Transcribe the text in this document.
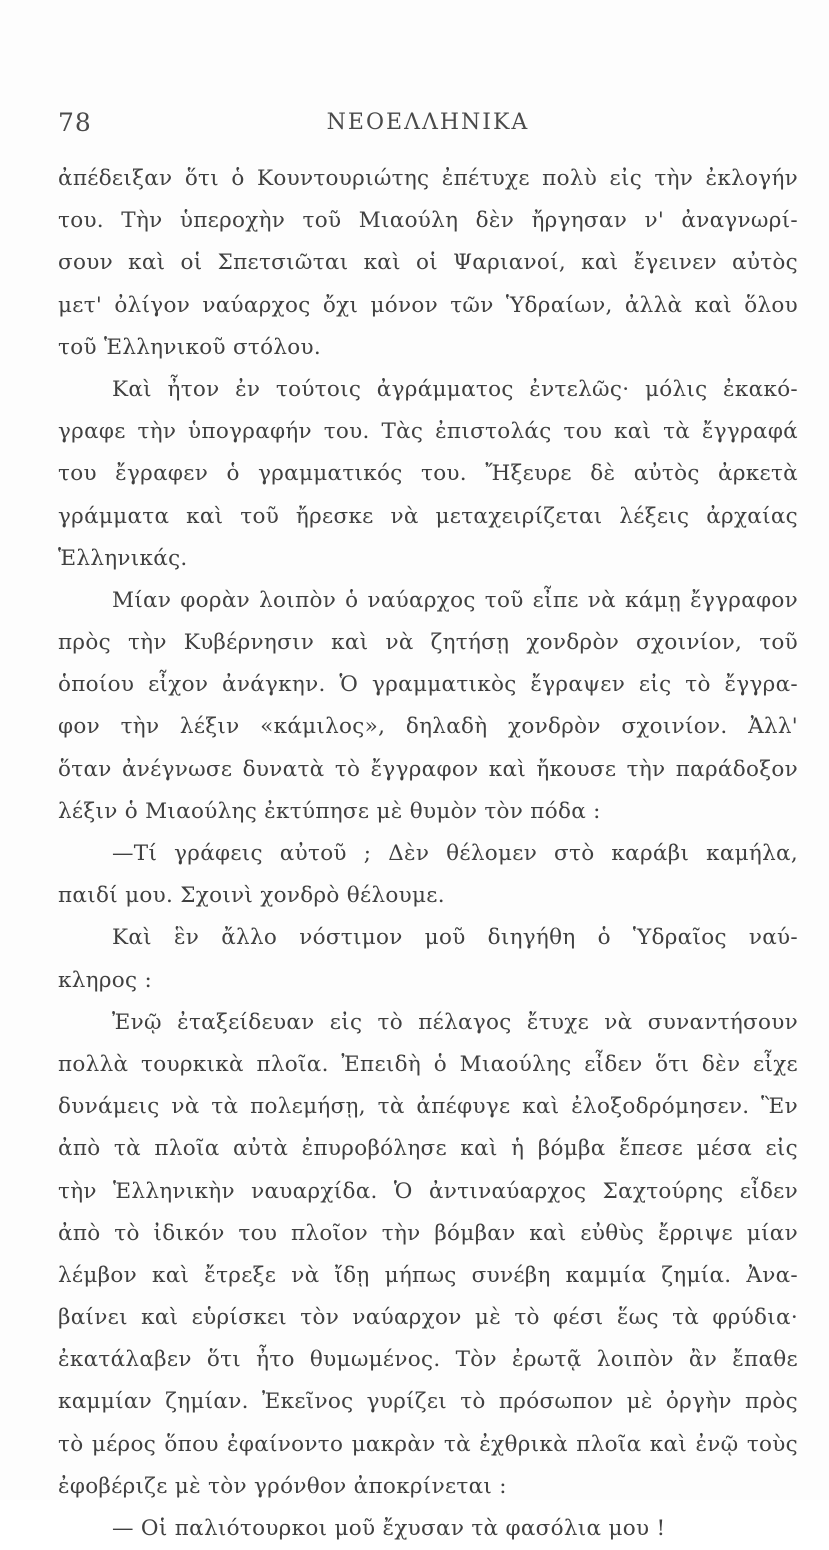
78	ΝΕΟΕΛΛΗΝΙΚΑ
ἀπέδειξαν ὅτι ὁ Κουντουριώτης ἐπέτυχε πολὺ εἰς τὴν ἐκλογήν
του. Τὴν ὑπεροχὴν τοῦ Μιαούλη δὲν ἤργησαν ν' ἀναγνωρί-
σουν καὶ οἱ Σπετσιῶται καὶ οἱ Ψαριανοί, καὶ ἔγεινεν αὐτὸς
μετ' ὀλίγον ναύαρχος ὄχι μόνον τῶν Ὑδραίων, ἀλλὰ καὶ ὅλου
τοῦ Ἑλληνικοῦ στόλου.
Καὶ ἦτον ἐν τούτοις ἀγράμματος ἐντελῶς· μόλις ἐκακό-
γραφε τὴν ὑπογραφήν του. Τὰς ἐπιστολάς του καὶ τὰ ἔγγραφά
του ἔγραφεν ὁ γραμματικός του. Ἤξευρε δὲ αὐτὸς ἀρκετὰ
γράμματα καὶ τοῦ ἤρεσκε νὰ μεταχειρίζεται λέξεις ἀρχαίας
Ἑλληνικάς.
Μίαν φορὰν λοιπὸν ὁ ναύαρχος τοῦ εἶπε νὰ κάμῃ ἔγγραφον
πρὸς τὴν Κυβέρνησιν καὶ νὰ ζητήσῃ χονδρὸν σχοινίον, τοῦ
ὁποίου εἶχον ἀνάγκην. Ὁ γραμματικὸς ἔγραψεν εἰς τὸ ἔγγρα-
φον τὴν λέξιν «κάμιλος», δηλαδὴ χονδρὸν σχοινίον. Ἀλλ'
ὅταν ἀνέγνωσε δυνατὰ τὸ ἔγγραφον καὶ ἤκουσε τὴν παράδοξον
λέξιν ὁ Μιαούλης ἐκτύπησε μὲ θυμὸν τὸν πόδα :
—Τί γράφεις αὐτοῦ ; Δὲν θέλομεν στὸ καράβι καμήλα,
παιδί μου. Σχοινὶ χονδρὸ θέλουμε.
Καὶ ἓν ἄλλο νόστιμον μοῦ διηγήθη ὁ Ὑδραῖος ναύ-
κληρος :
Ἐνῷ ἐταξείδευαν εἰς τὸ πέλαγος ἔτυχε νὰ συναντήσουν
πολλὰ τουρκικὰ πλοῖα. Ἐπειδὴ ὁ Μιαούλης εἶδεν ὅτι δὲν εἶχε
δυνάμεις νὰ τὰ πολεμήσῃ, τὰ ἀπέφυγε καὶ ἐλοξοδρόμησεν. Ἓν
ἀπὸ τὰ πλοῖα αὐτὰ ἐπυροβόλησε καὶ ἡ βόμβα ἔπεσε μέσα εἰς
τὴν Ἑλληνικὴν ναυαρχίδα. Ὁ ἀντιναύαρχος Σαχτούρης εἶδεν
ἀπὸ τὸ ἰδικόν του πλοῖον τὴν βόμβαν καὶ εὐθὺς ἔρριψε μίαν
λέμβον καὶ ἔτρεξε νὰ ἴδῃ μήπως συνέβη καμμία ζημία. Ἀνα-
βαίνει καὶ εὑρίσκει τὸν ναύαρχον μὲ τὸ φέσι ἕως τὰ φρύδια·
ἐκατάλαβεν ὅτι ἦτο θυμωμένος. Τὸν ἐρωτᾷ λοιπὸν ἂν ἔπαθε
καμμίαν ζημίαν. Ἐκεῖνος γυρίζει τὸ πρόσωπον μὲ ὀργὴν πρὸς
τὸ μέρος ὅπου ἐφαίνοντο μακρὰν τὰ ἐχθρικὰ πλοῖα καὶ ἐνῷ τοὺς
ἐφοβέριζε μὲ τὸν γρόνθον ἀποκρίνεται :
— Οἱ παλιότουρκοι μοῦ ἔχυσαν τὰ φασόλια μου !
